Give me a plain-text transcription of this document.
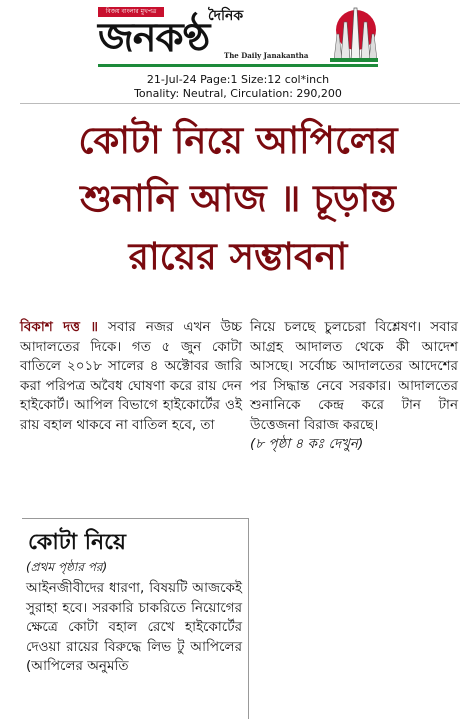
বিজয় বাংলার মুখপত্র	দৈনিক
জনকণ্ঠ The Daily Janakantha
21-Jul-24 Page:1 Size:12 col*inch
Tonality: Neutral, Circulation: 290,200
কোটা নিয়ে আপিলের
শুনানি আজ ॥ চূড়ান্ত
রায়ের সম্ভাবনা

বিকাশ দত্ত ॥ সবার নজর এখন উচ্চ আদালতের দিকে। গত ৫ জুন কোটা বাতিলে ২০১৮ সালের ৪ অক্টোবর জারি করা পরিপত্র অবৈধ ঘোষণা করে রায় দেন হাইকোর্ট। আপিল বিভাগে হাইকোর্টের ওই রায় বহাল থাকবে না বাতিল হবে, তা

নিয়ে চলছে চুলচেরা বিশ্লেষণ। সবার আগ্রহ আদালত থেকে কী আদেশ আসছে। সর্বোচ্চ আদালতের আদেশের পর সিদ্ধান্ত নেবে সরকার। আদালতের শুনানিকে কেন্দ্র করে টান টান উত্তেজনা বিরাজ করছে।

(৮ পৃষ্ঠা ৪ কঃ দেখুন)

কোটা নিয়ে
(প্রথম পৃষ্ঠার পর)
আইনজীবীদের ধারণা, বিষয়টি আজকেই সুরাহা হবে। সরকারি চাকরিতে নিয়োগের ক্ষেত্রে কোটা বহাল রেখে হাইকোর্টের দেওয়া রায়ের বিরুদ্ধে লিভ টু আপিলের (আপিলের অনুমতি
